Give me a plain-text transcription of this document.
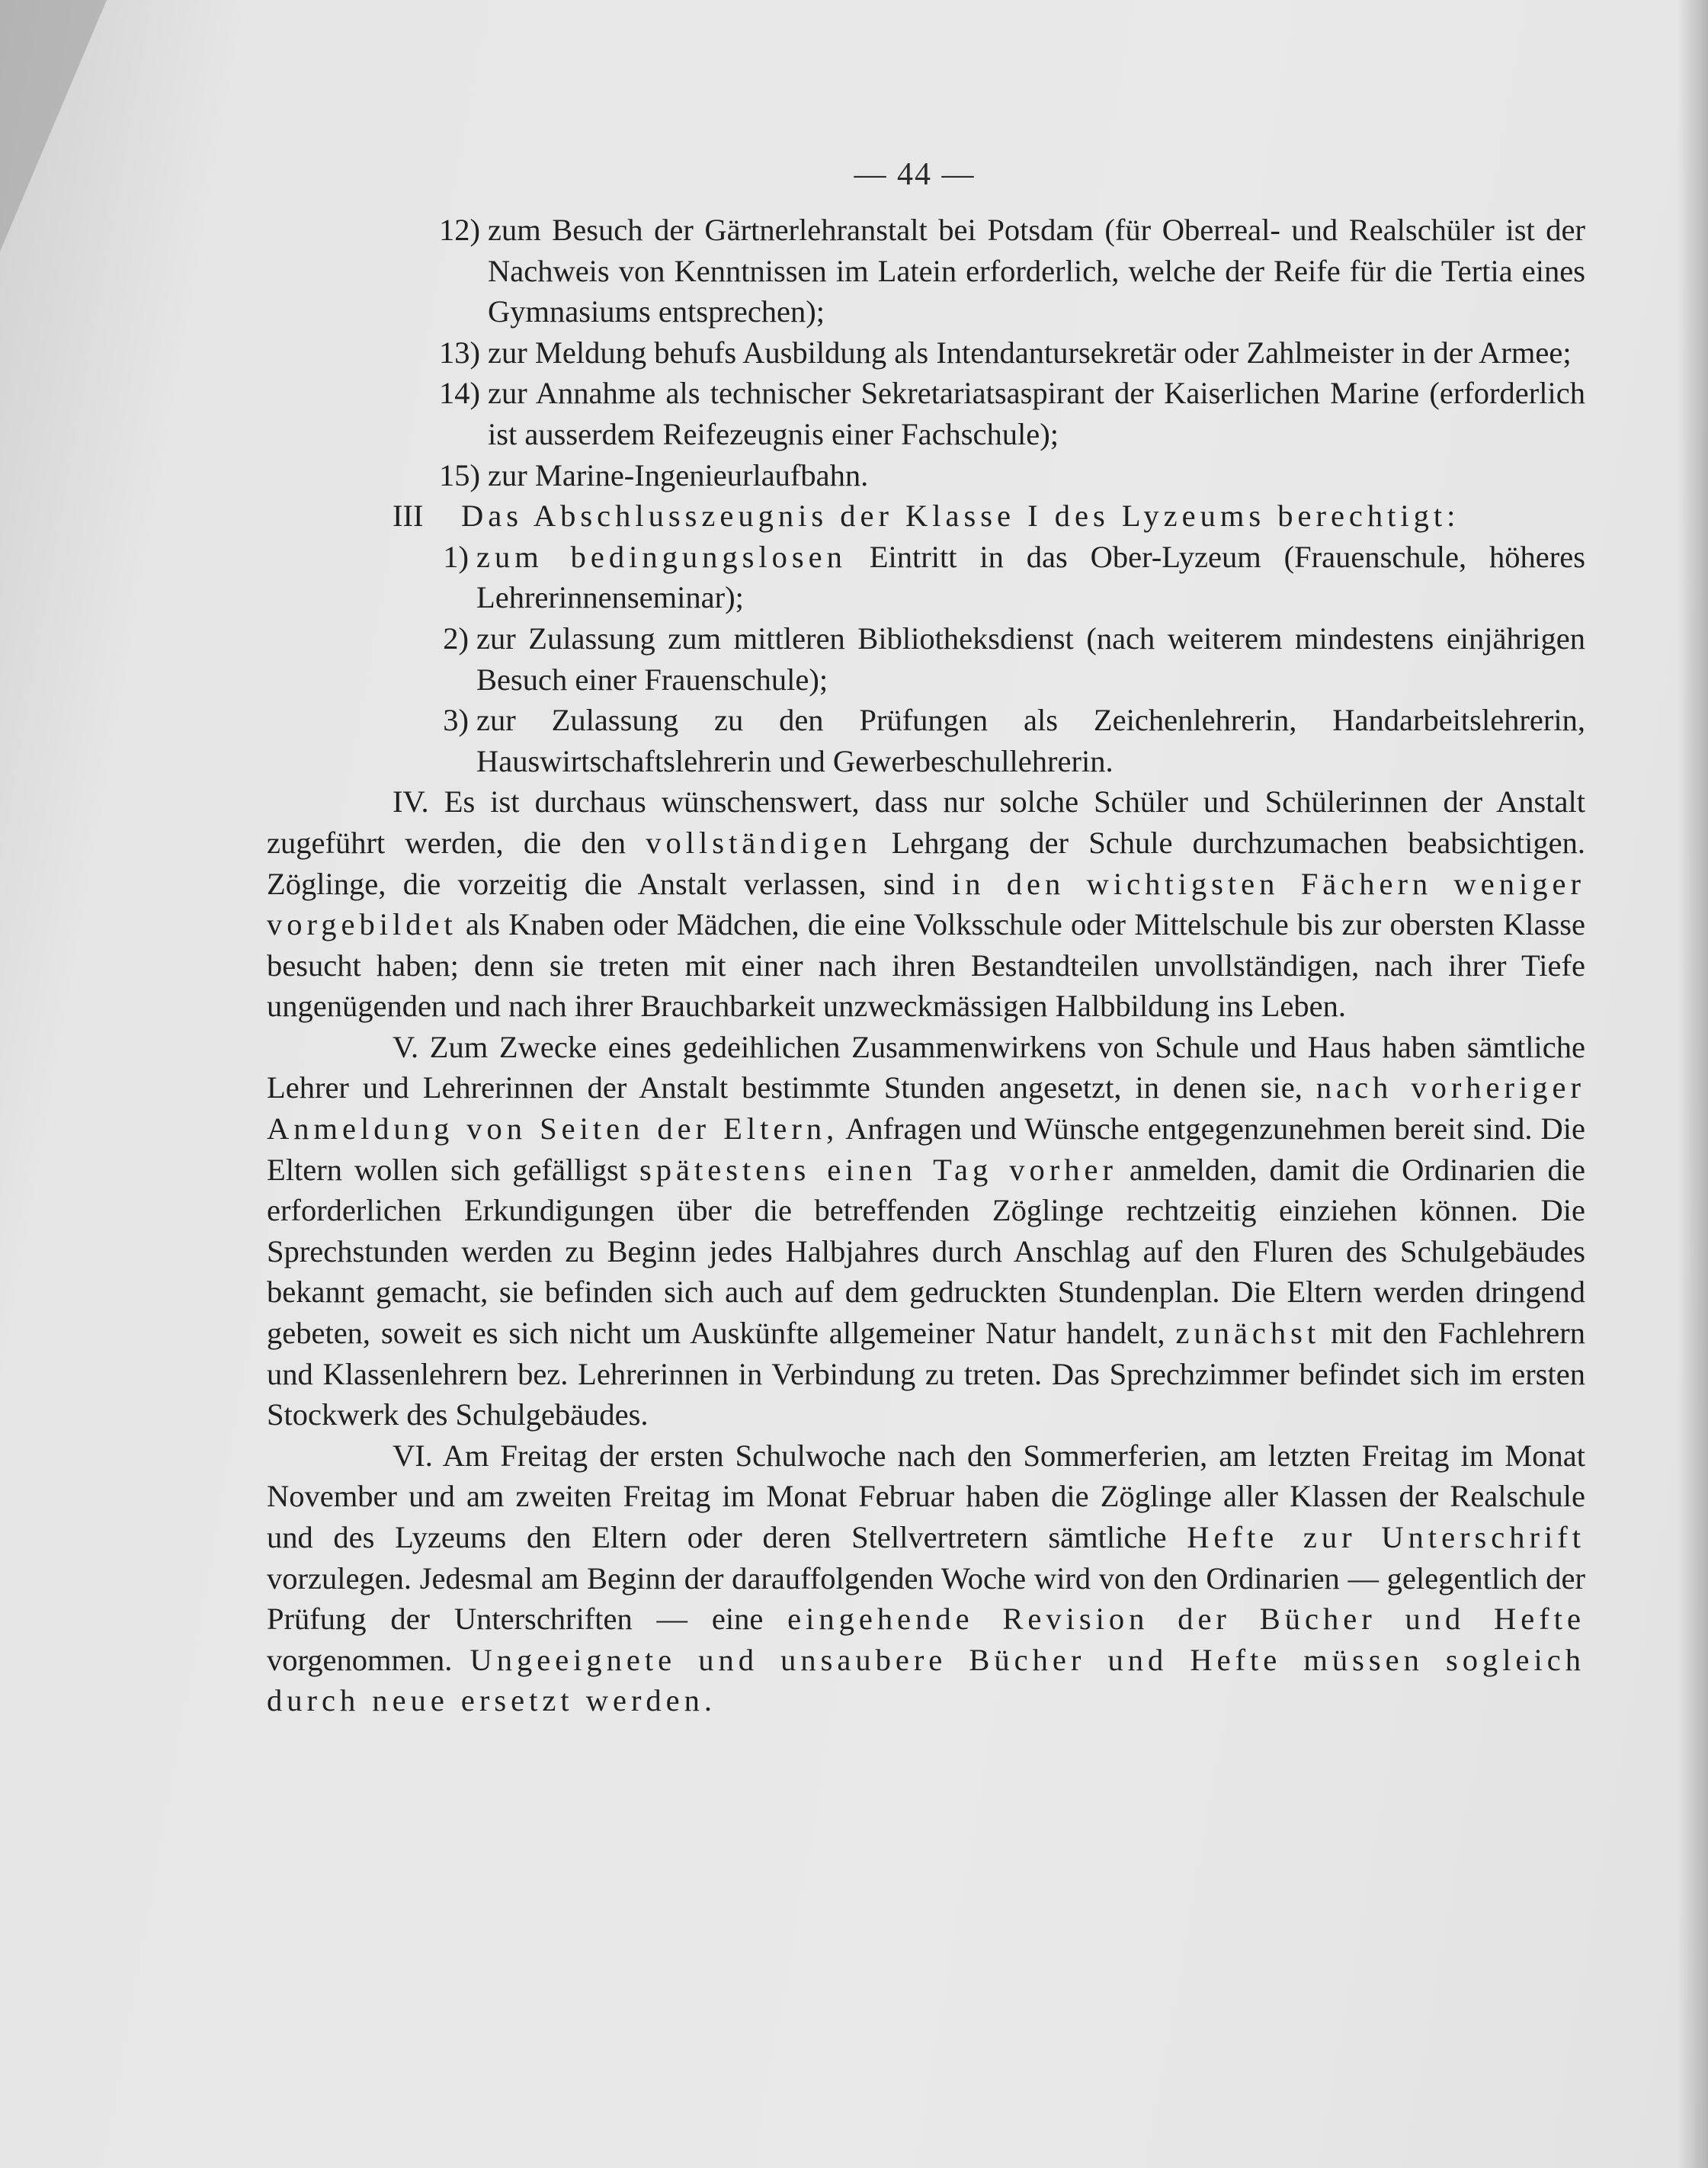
— 44 —

12) zum Besuch der Gärtnerlehranstalt bei Potsdam (für Oberreal- und Realschüler ist der Nachweis von Kenntnissen im Latein erforderlich, welche der Reife für die Tertia eines Gymnasiums entsprechen);

13) zur Meldung behufs Ausbildung als Intendantursekretär oder Zahlmeister in der Armee;

14) zur Annahme als technischer Sekretariatsaspirant der Kaiserlichen Marine (erforderlich ist ausserdem Reifezeugnis einer Fachschule);

15) zur Marine-Ingenieurlaufbahn.

III Das Abschlusszeugnis der Klasse I des Lyzeums berechtigt:

1) zum bedingungslosen Eintritt in das Ober-Lyzeum (Frauenschule, höheres Lehrerinnenseminar);

2) zur Zulassung zum mittleren Bibliotheksdienst (nach weiterem mindestens einjährigen Besuch einer Frauenschule);

3) zur Zulassung zu den Prüfungen als Zeichenlehrerin, Handarbeitslehrerin, Hauswirtschaftslehrerin und Gewerbeschullehrerin.

IV. Es ist durchaus wünschenswert, dass nur solche Schüler und Schülerinnen der Anstalt zugeführt werden, die den vollständigen Lehrgang der Schule durchzumachen beabsichtigen. Zöglinge, die vorzeitig die Anstalt verlassen, sind in den wichtigsten Fächern weniger vorgebildet als Knaben oder Mädchen, die eine Volksschule oder Mittelschule bis zur obersten Klasse besucht haben; denn sie treten mit einer nach ihren Bestandteilen unvollständigen, nach ihrer Tiefe ungenügenden und nach ihrer Brauchbarkeit unzweckmässigen Halbbildung ins Leben.

V. Zum Zwecke eines gedeihlichen Zusammenwirkens von Schule und Haus haben sämtliche Lehrer und Lehrerinnen der Anstalt bestimmte Stunden angesetzt, in denen sie, nach vorheriger Anmeldung von Seiten der Eltern, Anfragen und Wünsche entgegenzunehmen bereit sind. Die Eltern wollen sich gefälligst spätestens einen Tag vorher anmelden, damit die Ordinarien die erforderlichen Erkundigungen über die betreffenden Zöglinge rechtzeitig einziehen können. Die Sprechstunden werden zu Beginn jedes Halbjahres durch Anschlag auf den Fluren des Schulgebäudes bekannt gemacht, sie befinden sich auch auf dem gedruckten Stundenplan. Die Eltern werden dringend gebeten, soweit es sich nicht um Auskünfte allgemeiner Natur handelt, zunächst mit den Fachlehrern und Klassenlehrern bez. Lehrerinnen in Verbindung zu treten. Das Sprechzimmer befindet sich im ersten Stockwerk des Schulgebäudes.

VI. Am Freitag der ersten Schulwoche nach den Sommerferien, am letzten Freitag im Monat November und am zweiten Freitag im Monat Februar haben die Zöglinge aller Klassen der Realschule und des Lyzeums den Eltern oder deren Stellvertretern sämtliche Hefte zur Unterschrift vorzulegen. Jedesmal am Beginn der darauffolgenden Woche wird von den Ordinarien — gelegentlich der Prüfung der Unterschriften — eine eingehende Revision der Bücher und Hefte vorgenommen. Ungeeignete und unsaubere Bücher und Hefte müssen sogleich durch neue ersetzt werden.
